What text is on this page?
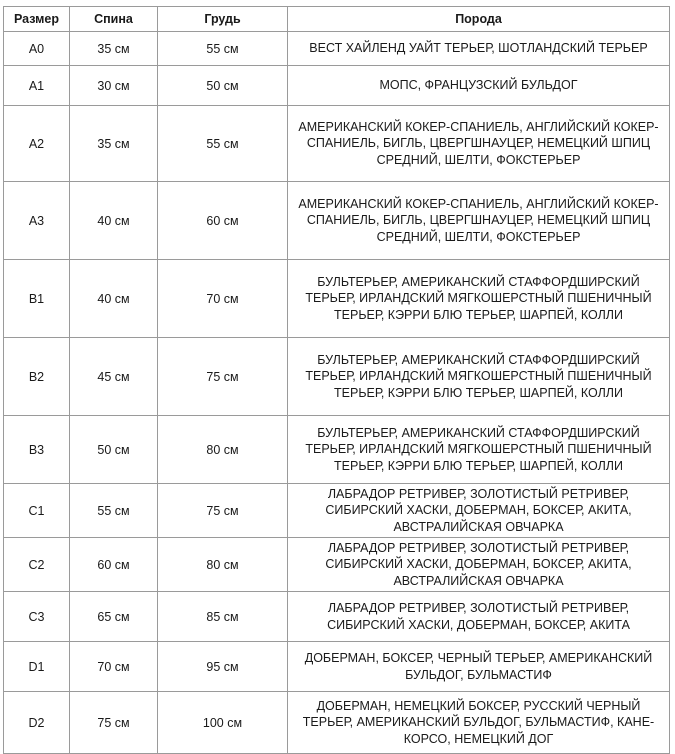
Размер	Спина	Грудь	Порода
A0	35 см	55 см	ВЕСТ ХАЙЛЕНД УАЙТ ТЕРЬЕР, ШОТЛАНДСКИЙ ТЕРЬЕР
A1	30 см	50 см	МОПС, ФРАНЦУЗСКИЙ БУЛЬДОГ
A2	35 см	55 см	АМЕРИКАНСКИЙ КОКЕР-СПАНИЕЛЬ, АНГЛИЙСКИЙ КОКЕР-СПАНИЕЛЬ, БИГЛЬ, ЦВЕРГШНАУЦЕР, НЕМЕЦКИЙ ШПИЦ СРЕДНИЙ, ШЕЛТИ, ФОКСТЕРЬЕР
A3	40 см	60 см	АМЕРИКАНСКИЙ КОКЕР-СПАНИЕЛЬ, АНГЛИЙСКИЙ КОКЕР-СПАНИЕЛЬ, БИГЛЬ, ЦВЕРГШНАУЦЕР, НЕМЕЦКИЙ ШПИЦ СРЕДНИЙ, ШЕЛТИ, ФОКСТЕРЬЕР
B1	40 см	70 см	БУЛЬТЕРЬЕР, АМЕРИКАНСКИЙ СТАФФОРДШИРСКИЙ ТЕРЬЕР, ИРЛАНДСКИЙ МЯГКОШЕРСТНЫЙ ПШЕНИЧНЫЙ ТЕРЬЕР, КЭРРИ БЛЮ ТЕРЬЕР, ШАРПЕЙ, КОЛЛИ
B2	45 см	75 см	БУЛЬТЕРЬЕР, АМЕРИКАНСКИЙ СТАФФОРДШИРСКИЙ ТЕРЬЕР, ИРЛАНДСКИЙ МЯГКОШЕРСТНЫЙ ПШЕНИЧНЫЙ ТЕРЬЕР, КЭРРИ БЛЮ ТЕРЬЕР, ШАРПЕЙ, КОЛЛИ
B3	50 см	80 см	БУЛЬТЕРЬЕР, АМЕРИКАНСКИЙ СТАФФОРДШИРСКИЙ ТЕРЬЕР, ИРЛАНДСКИЙ МЯГКОШЕРСТНЫЙ ПШЕНИЧНЫЙ ТЕРЬЕР, КЭРРИ БЛЮ ТЕРЬЕР, ШАРПЕЙ, КОЛЛИ
C1	55 см	75 см	ЛАБРАДОР РЕТРИВЕР, ЗОЛОТИСТЫЙ РЕТРИВЕР, СИБИРСКИЙ ХАСКИ, ДОБЕРМАН, БОКСЕР, АКИТА, АВСТРАЛИЙСКАЯ ОВЧАРКА
C2	60 см	80 см	ЛАБРАДОР РЕТРИВЕР, ЗОЛОТИСТЫЙ РЕТРИВЕР, СИБИРСКИЙ ХАСКИ, ДОБЕРМАН, БОКСЕР, АКИТА, АВСТРАЛИЙСКАЯ ОВЧАРКА
C3	65 см	85 см	ЛАБРАДОР РЕТРИВЕР, ЗОЛОТИСТЫЙ РЕТРИВЕР, СИБИРСКИЙ ХАСКИ, ДОБЕРМАН, БОКСЕР, АКИТА
D1	70 см	95 см	ДОБЕРМАН, БОКСЕР, ЧЕРНЫЙ ТЕРЬЕР, АМЕРИКАНСКИЙ БУЛЬДОГ, БУЛЬМАСТИФ
D2	75 см	100 см	ДОБЕРМАН, НЕМЕЦКИЙ БОКСЕР, РУССКИЙ ЧЕРНЫЙ ТЕРЬЕР, АМЕРИКАНСКИЙ БУЛЬДОГ, БУЛЬМАСТИФ, КАНЕ-КОРСО, НЕМЕЦКИЙ ДОГ
